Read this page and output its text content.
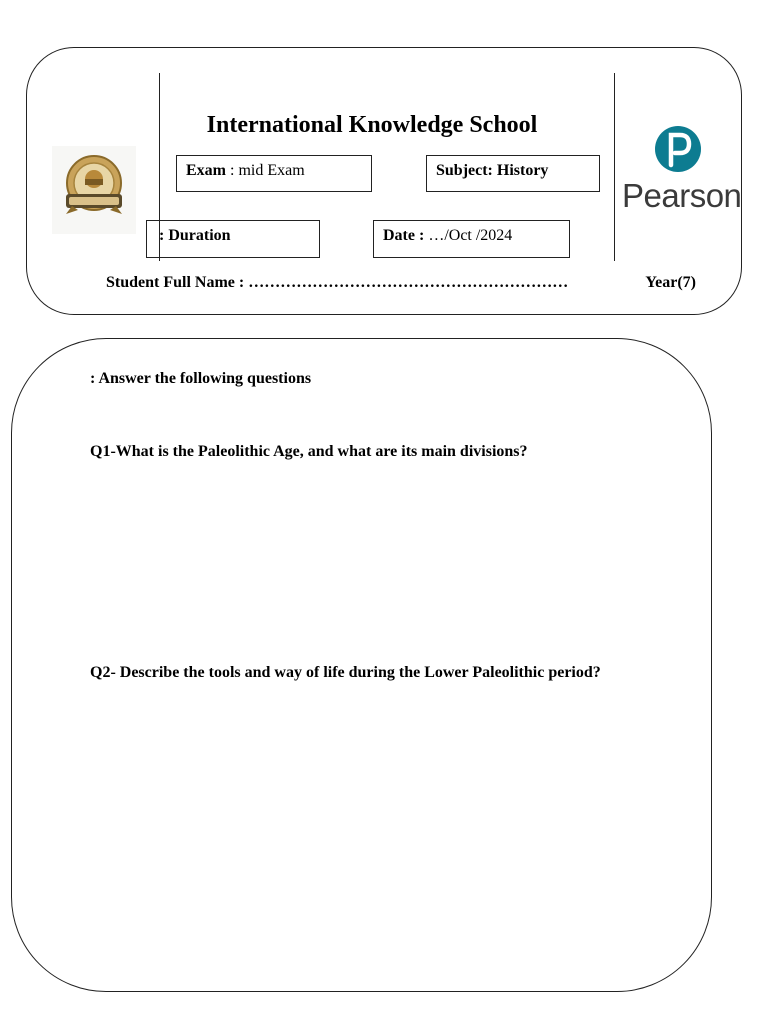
International Knowledge School
Exam : mid Exam	Subject: History
: Duration	Date : …/Oct /2024
Pearson
Student Full Name : ……………………………………………………	Year(7)
: Answer the following questions
Q1-What is the Paleolithic Age, and what are its main divisions?
Q2- Describe the tools and way of life during the Lower Paleolithic period?
